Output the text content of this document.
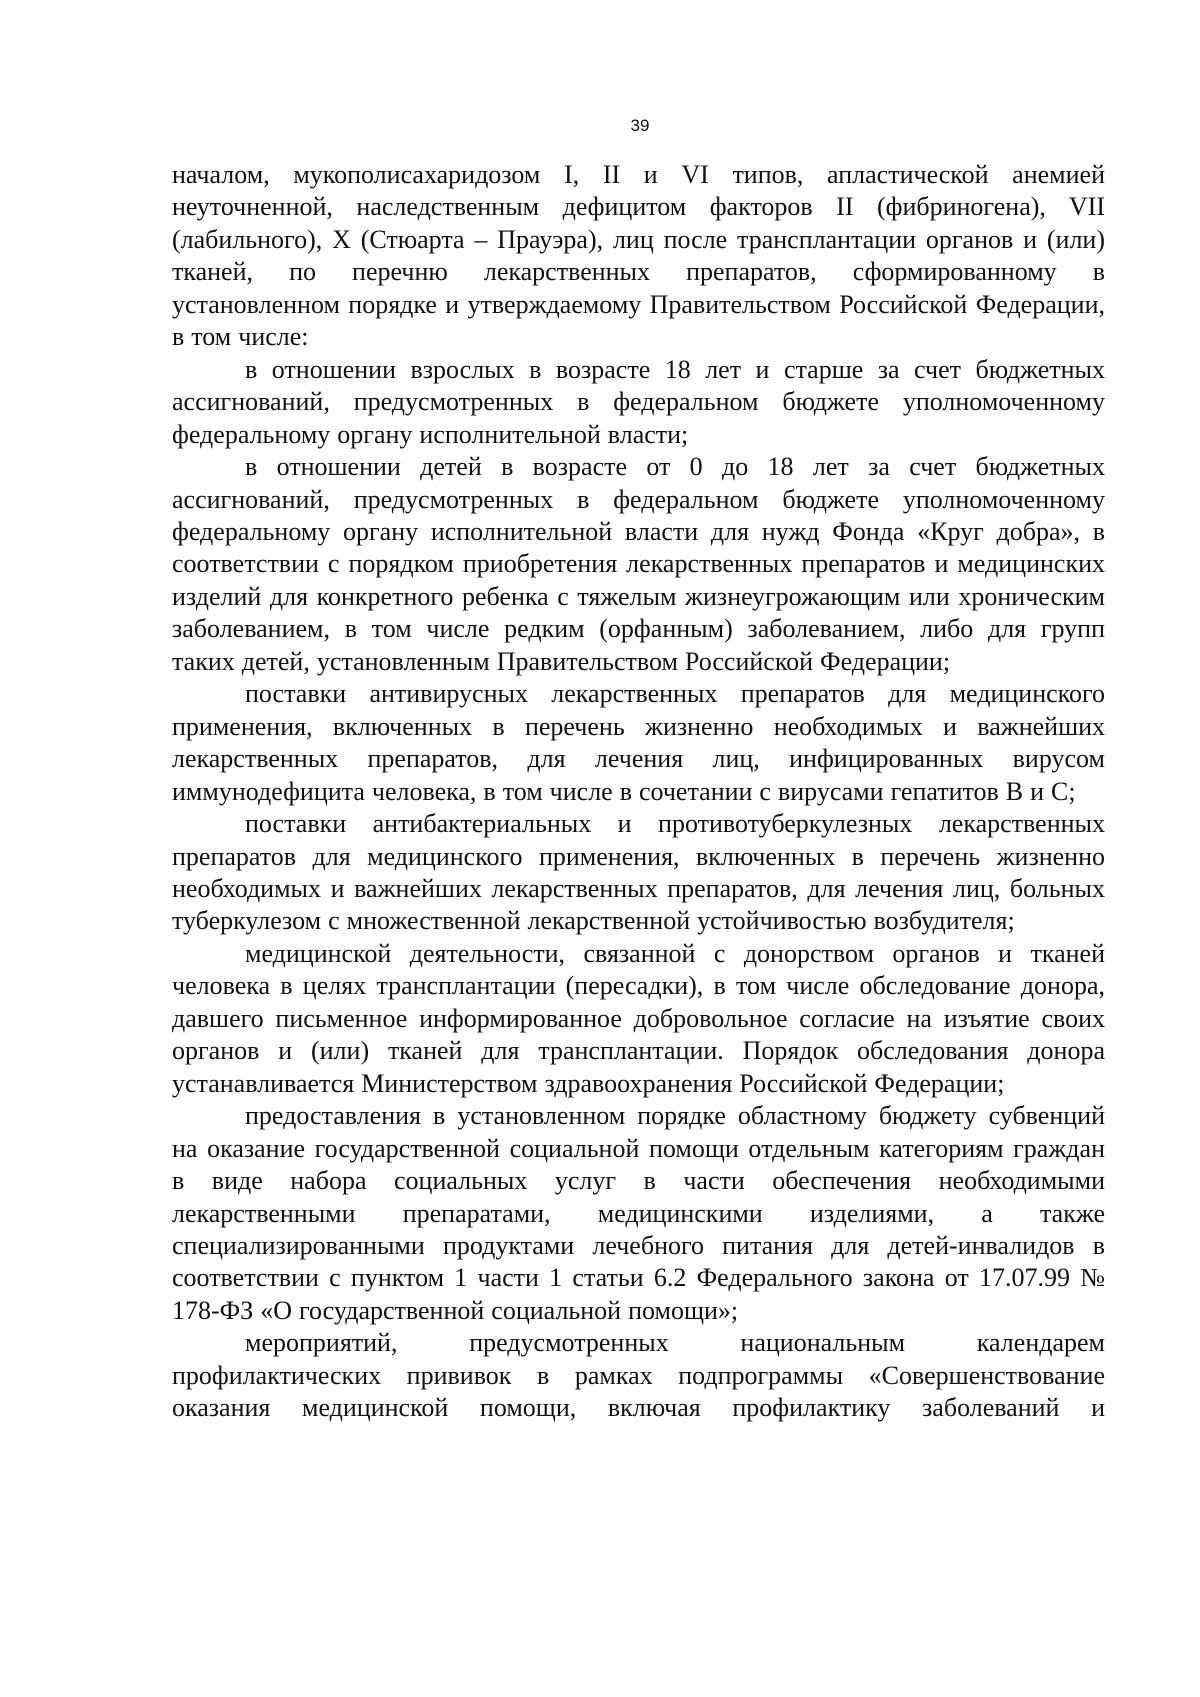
39

началом, мукополисахаридозом I, II и VI типов, апластической анемией неуточненной, наследственным дефицитом факторов II (фибриногена), VII (лабильного), X (Стюарта – Прауэра), лиц после трансплантации органов и (или) тканей, по перечню лекарственных препаратов, сформированному в установленном порядке и утверждаемому Правительством Российской Федерации, в том числе:

в отношении взрослых в возрасте 18 лет и старше за счет бюджетных ассигнований, предусмотренных в федеральном бюджете уполномоченному федеральному органу исполнительной власти;

в отношении детей в возрасте от 0 до 18 лет за счет бюджетных ассигнований, предусмотренных в федеральном бюджете уполномоченному федеральному органу исполнительной власти для нужд Фонда «Круг добра», в соответствии с порядком приобретения лекарственных препаратов и медицинских изделий для конкретного ребенка с тяжелым жизнеугрожающим или хроническим заболеванием, в том числе редким (орфанным) заболеванием, либо для групп таких детей, установленным Правительством Российской Федерации;

поставки антивирусных лекарственных препаратов для медицинского применения, включенных в перечень жизненно необходимых и важнейших лекарственных препаратов, для лечения лиц, инфицированных вирусом иммунодефицита человека, в том числе в сочетании с вирусами гепатитов B и C;

поставки антибактериальных и противотуберкулезных лекарственных препаратов для медицинского применения, включенных в перечень жизненно необходимых и важнейших лекарственных препаратов, для лечения лиц, больных туберкулезом с множественной лекарственной устойчивостью возбудителя;

медицинской деятельности, связанной с донорством органов и тканей человека в целях трансплантации (пересадки), в том числе обследование донора, давшего письменное информированное добровольное согласие на изъятие своих органов и (или) тканей для трансплантации. Порядок обследования донора устанавливается Министерством здравоохранения Российской Федерации;

предоставления в установленном порядке областному бюджету субвенций на оказание государственной социальной помощи отдельным категориям граждан в виде набора социальных услуг в части обеспечения необходимыми лекарственными препаратами, медицинскими изделиями, а также специализированными продуктами лечебного питания для детей-инвалидов в соответствии с пунктом 1 части 1 статьи 6.2 Федерального закона от 17.07.99 № 178-ФЗ «О государственной социальной помощи»;

мероприятий, предусмотренных национальным календарем профилактических прививок в рамках подпрограммы «Совершенствование оказания медицинской помощи, включая профилактику заболеваний и
